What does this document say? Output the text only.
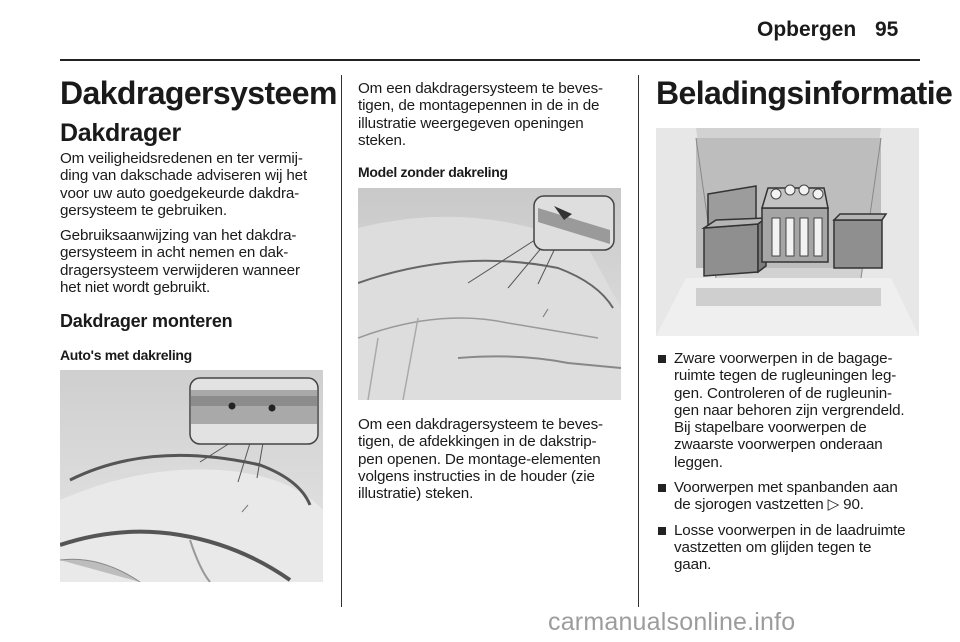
Opbergen 95
Dakdragersysteem
Dakdrager

Om veiligheidsredenen en ter vermij-
ding van dakschade adviseren wij het
voor uw auto goedgekeurde dakdra-
gersysteem te gebruiken.

Gebruiksaanwijzing van het dakdra-
gersysteem in acht nemen en dak-
dragersysteem verwijderen wanneer
het niet wordt gebruikt.

Dakdrager monteren
Auto's met dakreling

Om een dakdragersysteem te beves-
tigen, de montagepennen in de in de
illustratie weergegeven openingen
steken.

Model zonder dakreling

Om een dakdragersysteem te beves-
tigen, de afdekkingen in de dakstrip-
pen openen. De montage-elementen
volgens instructies in de houder (zie
illustratie) steken.

Beladingsinformatie
Zware voorwerpen in de bagage-
ruimte tegen de rugleuningen leg-
gen. Controleren of de rugleunin-
gen naar behoren zijn vergrendeld.
Bij stapelbare voorwerpen de
zwaarste voorwerpen onderaan
leggen.
Voorwerpen met spanbanden aan
de sjorogen vastzetten ▷ 90.
Losse voorwerpen in de laadruimte
vastzetten om glijden tegen te
gaan.
carmanualsonline.info
